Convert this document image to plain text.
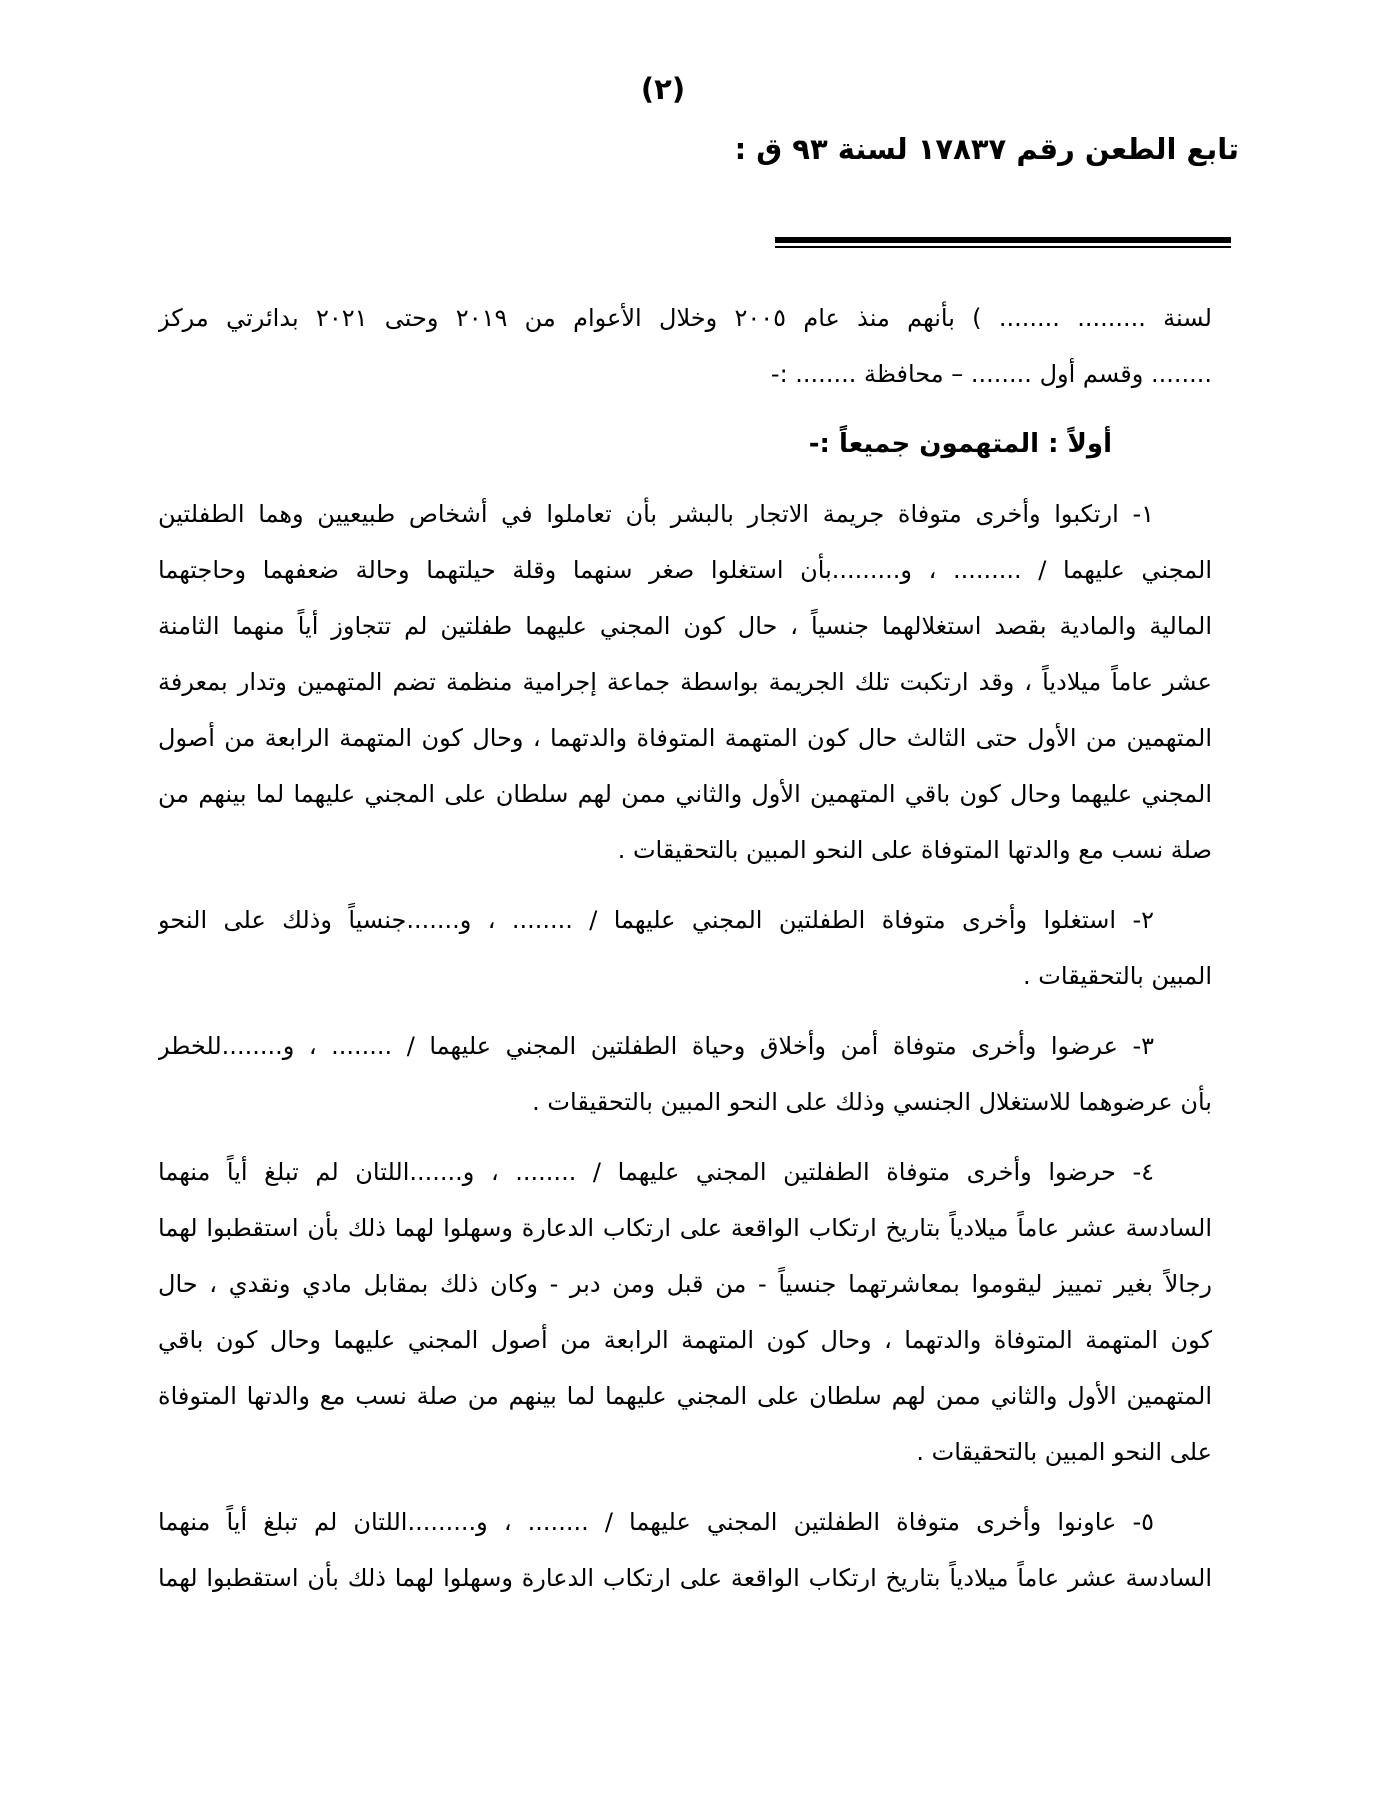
(٢)
تابع الطعن رقم ١٧٨٣٧ لسنة ٩٣ ق :
لسنة ......... ........ ) بأنهم منذ عام ٢٠٠٥ وخلال الأعوام من ٢٠١٩ وحتى ٢٠٢١ بدائرتي مركز
........ وقسم أول ........ – محافظة ........ :-
أولاً : المتهمون جميعاً :-
١- ارتكبوا وأخرى متوفاة جريمة الاتجار بالبشر بأن تعاملوا في أشخاص طبيعيين وهما الطفلتين
المجني عليهما / ......... ، و.........بأن استغلوا صغر سنهما وقلة حيلتهما وحالة ضعفهما وحاجتهما
المالية والمادية بقصد استغلالهما جنسياً ، حال كون المجني عليهما طفلتين لم تتجاوز أياً منهما الثامنة
عشر عاماً ميلادياً ، وقد ارتكبت تلك الجريمة بواسطة جماعة إجرامية منظمة تضم المتهمين وتدار بمعرفة
المتهمين من الأول حتى الثالث حال كون المتهمة المتوفاة والدتهما ، وحال كون المتهمة الرابعة من أصول
المجني عليهما وحال كون باقي المتهمين الأول والثاني ممن لهم سلطان على المجني عليهما لما بينهم من
صلة نسب مع والدتها المتوفاة على النحو المبين بالتحقيقات .
٢- استغلوا وأخرى متوفاة الطفلتين المجني عليهما / ........ ، و.......جنسياً وذلك على النحو
المبين بالتحقيقات .
٣- عرضوا وأخرى متوفاة أمن وأخلاق وحياة الطفلتين المجني عليهما / ........ ، و........للخطر
بأن عرضوهما للاستغلال الجنسي وذلك على النحو المبين بالتحقيقات .
٤- حرضوا وأخرى متوفاة الطفلتين المجني عليهما / ........ ، و.......اللتان لم تبلغ أياً منهما
السادسة عشر عاماً ميلادياً بتاريخ ارتكاب الواقعة على ارتكاب الدعارة وسهلوا لهما ذلك بأن استقطبوا لهما
رجالاً بغير تمييز ليقوموا بمعاشرتهما جنسياً - من قبل ومن دبر - وكان ذلك بمقابل مادي ونقدي ، حال
كون المتهمة المتوفاة والدتهما ، وحال كون المتهمة الرابعة من أصول المجني عليهما وحال كون باقي
المتهمين الأول والثاني ممن لهم سلطان على المجني عليهما لما بينهم من صلة نسب مع والدتها المتوفاة
على النحو المبين بالتحقيقات .
٥- عاونوا وأخرى متوفاة الطفلتين المجني عليهما / ........ ، و.........اللتان لم تبلغ أياً منهما
السادسة عشر عاماً ميلادياً بتاريخ ارتكاب الواقعة على ارتكاب الدعارة وسهلوا لهما ذلك بأن استقطبوا لهما
